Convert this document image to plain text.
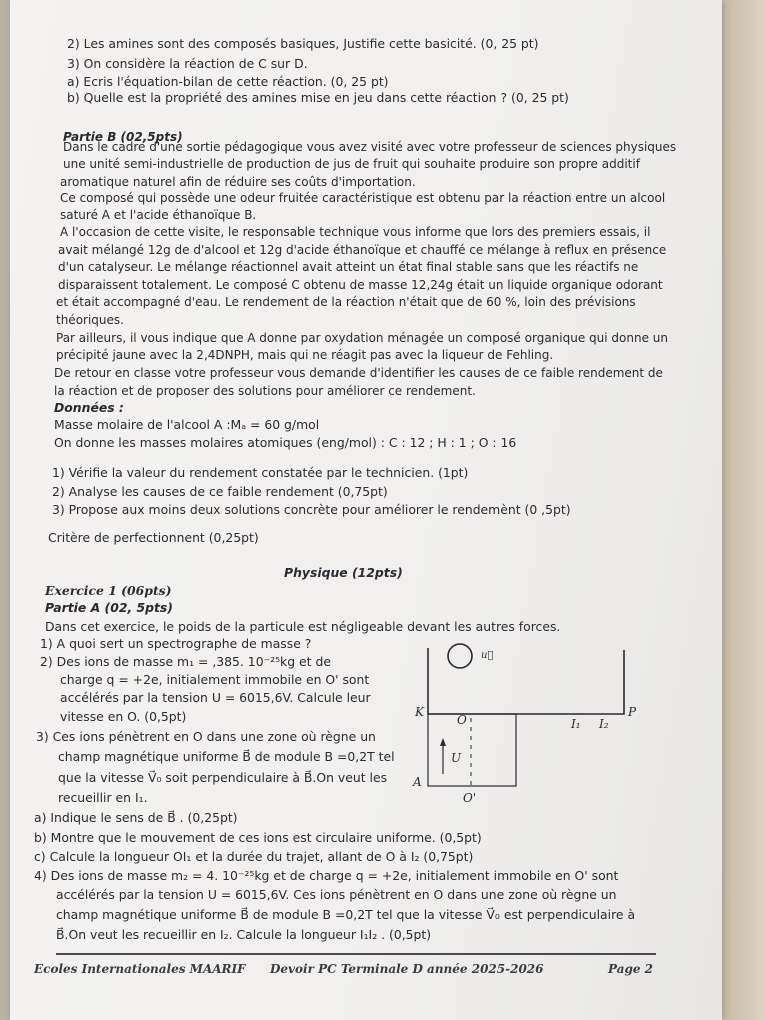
2) Les amines sont des composés basiques, Justifie cette basicité. (0, 25 pt)
3) On considère la réaction de C sur D.
a) Ecris l'équation-bilan de cette réaction. (0, 25 pt)
b) Quelle est la propriété des amines mise en jeu dans cette réaction ? (0, 25 pt)
Partie B (02,5pts)
Dans le cadre d'une sortie pédagogique vous avez visité avec votre professeur de sciences physiques
une unité semi-industrielle de production de jus de fruit qui souhaite produire son propre additif
aromatique naturel afin de réduire ses coûts d'importation.
Ce composé qui possède une odeur fruitée caractéristique est obtenu par la réaction entre un alcool
saturé A et l'acide éthanoïque B.
A l'occasion de cette visite, le responsable technique vous informe que lors des premiers essais, il
avait mélangé 12g de d'alcool et 12g d'acide éthanoïque et chauffé ce mélange à reflux en présence
d'un catalyseur. Le mélange réactionnel avait atteint un état final stable sans que les réactifs ne
disparaissent totalement. Le composé C obtenu de masse 12,24g était un liquide organique odorant
et était accompagné d'eau. Le rendement de la réaction n'était que de 60 %, loin des prévisions
théoriques.
Par ailleurs, il vous indique que A donne par oxydation ménagée un composé organique qui donne un
précipité jaune avec la 2,4DNPH, mais qui ne réagit pas avec la liqueur de Fehling.
De retour en classe votre professeur vous demande d'identifier les causes de ce faible rendement de
la réaction et de proposer des solutions pour améliorer ce rendement.
Données :
Masse molaire de l'alcool A :Mₐ = 60 g/mol
On donne les masses molaires atomiques (eng/mol) : C : 12 ; H : 1 ; O : 16
1) Vérifie la valeur du rendement constatée par le technicien. (1pt)
2) Analyse les causes de ce faible rendement (0,75pt)
3) Propose aux moins deux solutions concrète pour améliorer le rendemènt (0 ,5pt)
Critère de perfectionnent (0,25pt)
Physique (12pts)
Exercice 1 (06pts)
Partie A (02, 5pts)
Dans cet exercice, le poids de la particule est négligeable devant les autres forces.
1) A quoi sert un spectrographe de masse ?
2) Des ions de masse m₁ = ,385. 10⁻²⁵kg et de
charge q = +2e, initialement immobile en O' sont
accélérés par la tension U = 6015,6V. Calcule leur
vitesse en O. (0,5pt)
3) Ces ions pénètrent en O dans une zone où règne un
champ magnétique uniforme B⃗ de module B =0,2T tel
que la vitesse V⃗₀ soit perpendiculaire à B⃗.On veut les
recueillir en I₁.
a) Indique le sens de B⃗ . (0,25pt)
b) Montre que le mouvement de ces ions est circulaire uniforme. (0,5pt)
c) Calcule la longueur OI₁ et la durée du trajet, allant de O à I₂ (0,75pt)
4) Des ions de masse m₂ = 4. 10⁻²⁵kg et de charge q = +2e, initialement immobile en O' sont
accélérés par la tension U = 6015,6V. Ces ions pénètrent en O dans une zone où règne un
champ magnétique uniforme B⃗ de module B =0,2T tel que la vitesse V⃗₀ est perpendiculaire à
B⃗.On veut les recueillir en I₂. Calcule la longueur I₁I₂ . (0,5pt)
u⃗
K
O	I₁ I₂
P
U
A
O'
Ecoles Internationales MAARIF Devoir PC Terminale D année 2025-2026	Page 2
